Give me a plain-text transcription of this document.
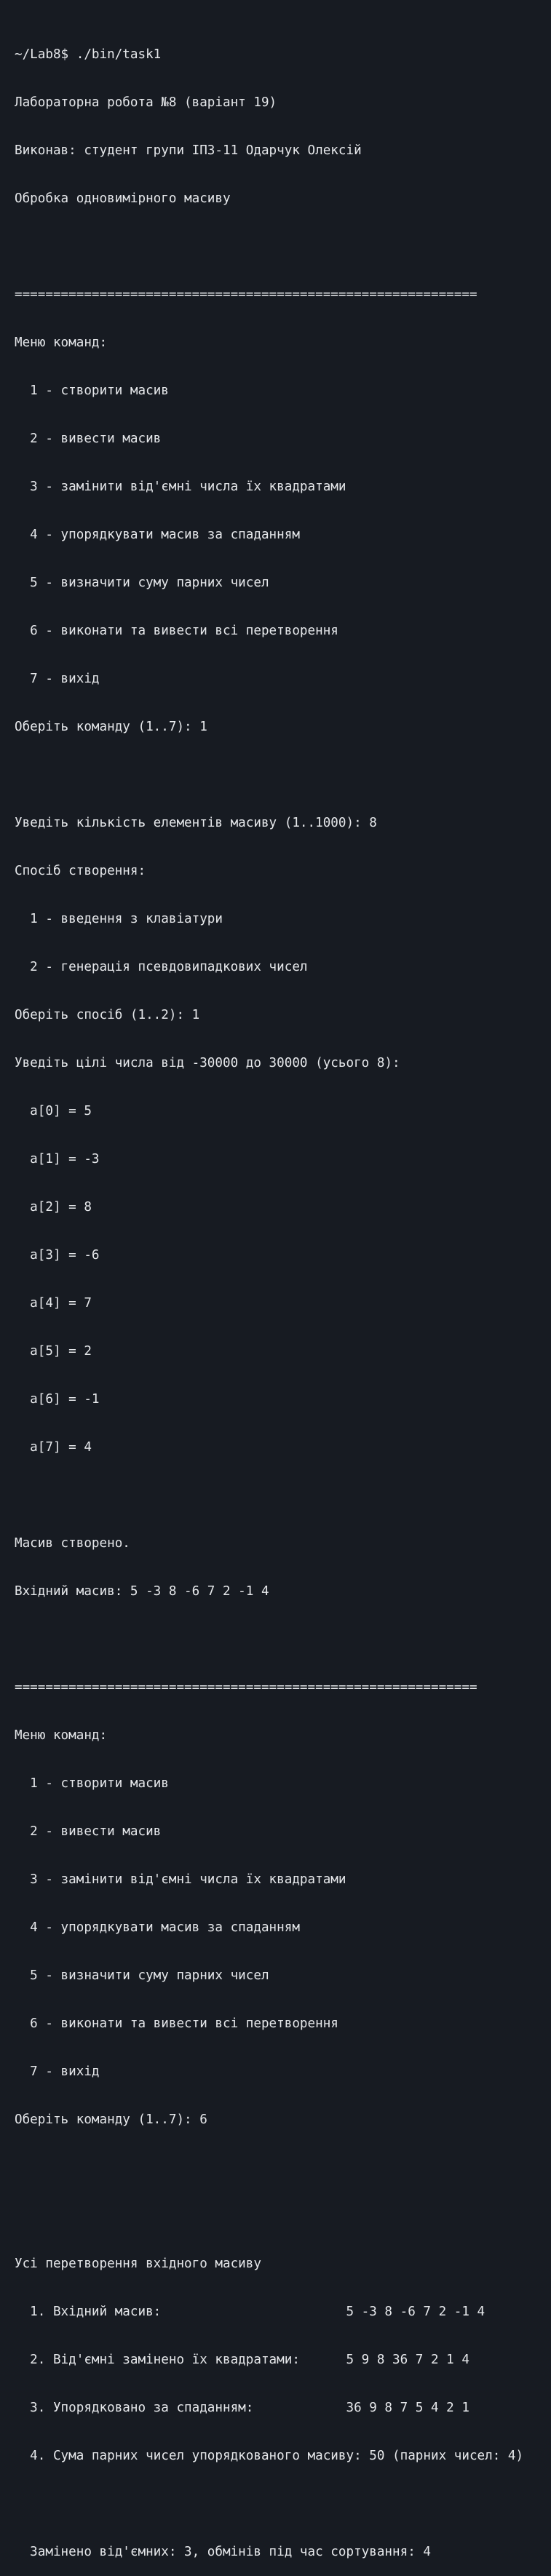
~/Lab8$ ./bin/task1

Лабораторна робота №8 (варіант 19)

Виконав: студент групи ІП3-11 Одарчук Олексій

Обробка одновимірного масиву

============================================================

Меню команд:

1 - створити масив

2 - вивести масив

3 - замінити від'ємні числа їх квадратами

4 - упорядкувати масив за спаданням

5 - визначити суму парних чисел

6 - виконати та вивести всі перетворення

7 - вихід

Оберіть команду (1..7): 1

Уведіть кількість елементів масиву (1..1000): 8

Спосіб створення:

1 - введення з клавіатури

2 - генерація псевдовипадкових чисел

Оберіть спосіб (1..2): 1

Уведіть цілі числа від -30000 до 30000 (усього 8):

a[0] = 5

a[1] = -3

a[2] = 8

a[3] = -6

a[4] = 7

a[5] = 2

a[6] = -1

a[7] = 4

Масив створено.

Вхідний масив: 5 -3 8 -6 7 2 -1 4

============================================================

Меню команд:

1 - створити масив

2 - вивести масив

3 - замінити від'ємні числа їх квадратами

4 - упорядкувати масив за спаданням

5 - визначити суму парних чисел

6 - виконати та вивести всі перетворення

7 - вихід

Оберіть команду (1..7): 6

Усі перетворення вхідного масиву

1. Вхідний масив:                        5 -3 8 -6 7 2 -1 4

2. Від'ємні замінено їх квадратами:      5 9 8 36 7 2 1 4

3. Упорядковано за спаданням:            36 9 8 7 5 4 2 1

4. Сума парних чисел упорядкованого масиву: 50 (парних чисел: 4)

Замінено від'ємних: 3, обмінів під час сортування: 4
